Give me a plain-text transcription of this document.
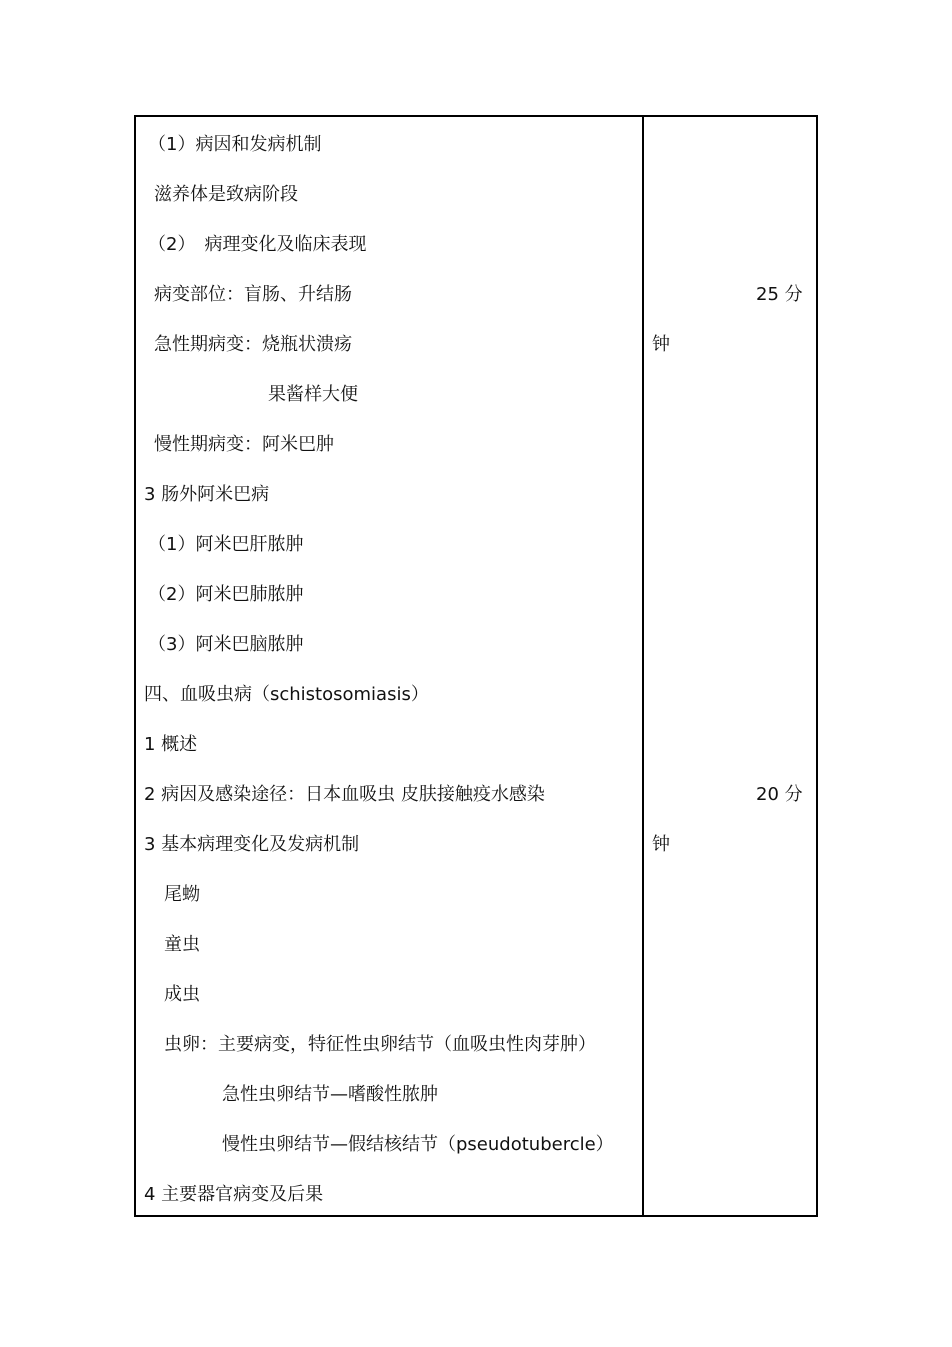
（1）病因和发病机制
滋养体是致病阶段
（2）　病理变化及临床表现
病变部位：盲肠、升结肠
急性期病变：烧瓶状溃疡
果酱样大便
慢性期病变：阿米巴肿
3 肠外阿米巴病
（1）阿米巴肝脓肿
（2）阿米巴肺脓肿
（3）阿米巴脑脓肿
四、血吸虫病（schistosomiasis）
1 概述
2 病因及感染途径：日本血吸虫 皮肤接触疫水感染
3 基本病理变化及发病机制
尾蚴
童虫
成虫
虫卵：主要病变，特征性虫卵结节（血吸虫性肉芽肿）
急性虫卵结节—嗜酸性脓肿
慢性虫卵结节—假结核结节（pseudotubercle）
4 主要器官病变及后果
25 分
钟
20 分
钟
